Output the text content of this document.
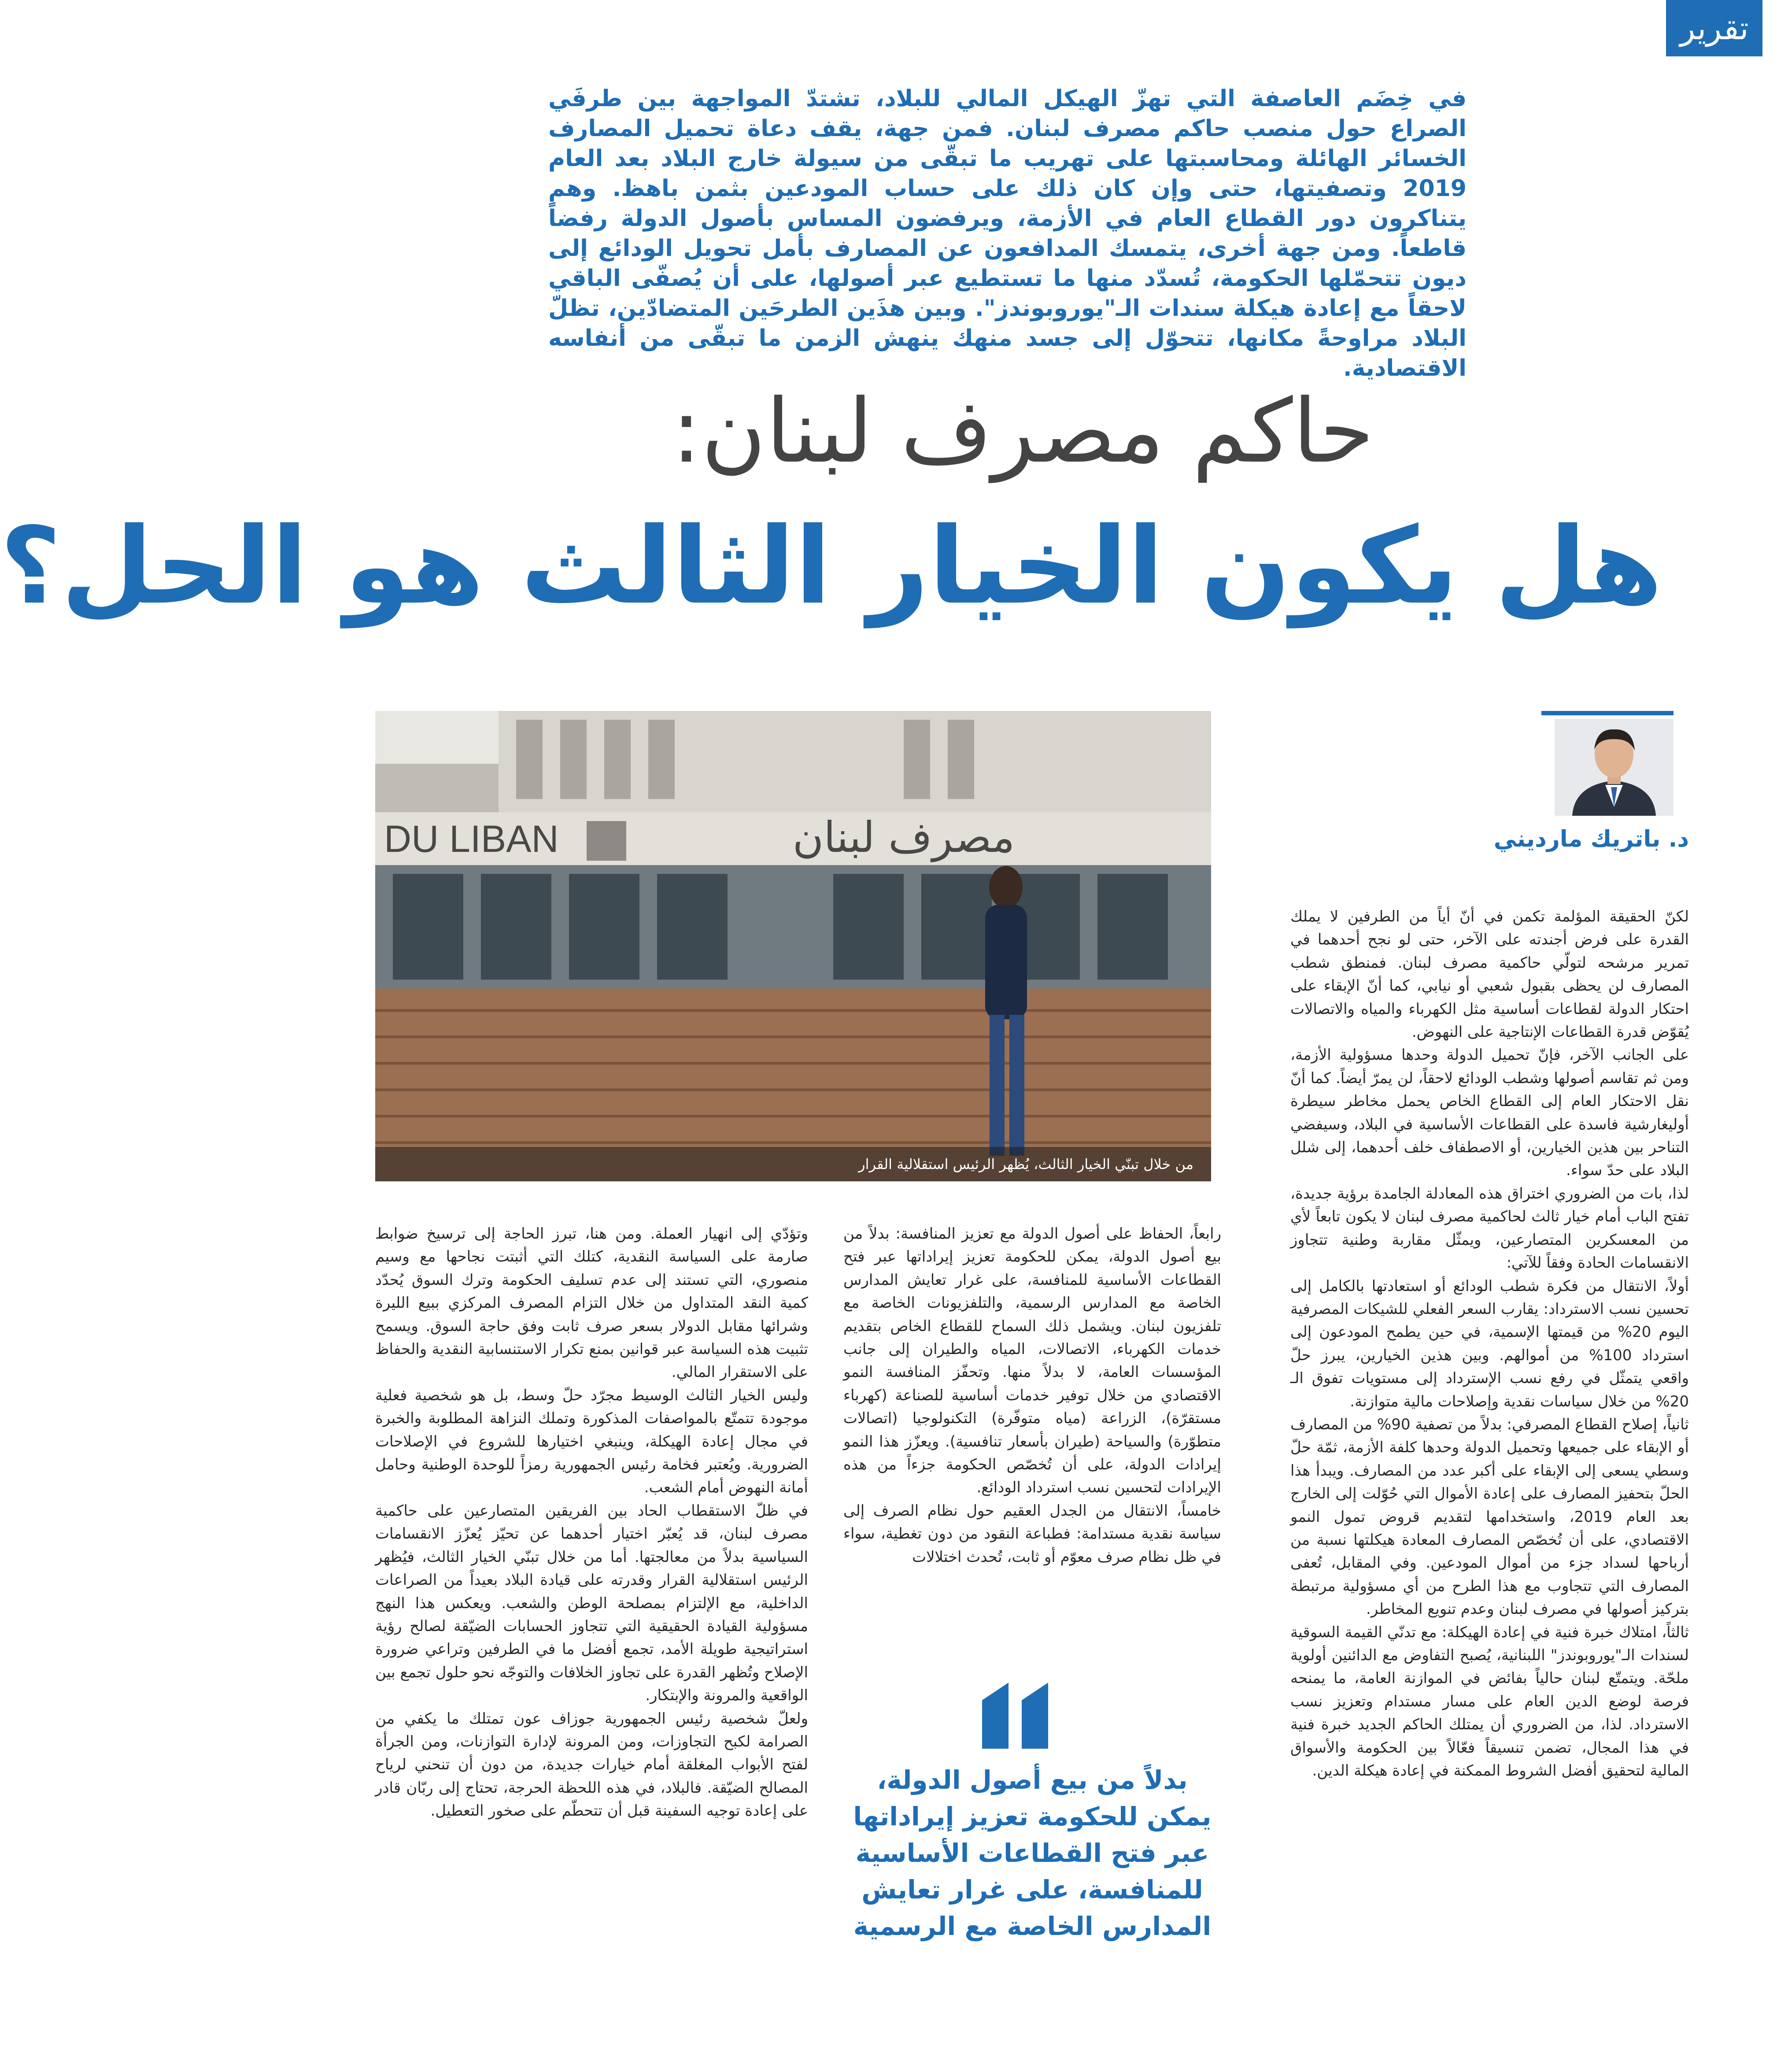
تقرير
في خِضَم العاصفة التي تهزّ الهيكل المالي للبلاد، تشتدّ المواجهة بين طرفَي الصراع حول منصب حاكم مصرف لبنان. فمن جهة، يقف دعاة تحميل المصارف الخسائر الهائلة ومحاسبتها على تهريب ما تبقّى من سيولة خارج البلاد بعد العام 2019 وتصفيتها، حتى وإن كان ذلك على حساب المودعين بثمن باهظ. وهم يتناكرون دور القطاع العام في الأزمة، ويرفضون المساس بأصول الدولة رفضاً قاطعاً. ومن جهة أخرى، يتمسك المدافعون عن المصارف بأمل تحويل الودائع إلى ديون تتحمّلها الحكومة، تُسدّد منها ما تستطيع عبر أصولها، على أن يُصفّى الباقي لاحقاً مع إعادة هيكلة سندات الـ"يوروبوندز". وبين هذَين الطرحَين المتضادّين، تظلّ البلاد مراوحةً مكانها، تتحوّل إلى جسد منهك ينهش الزمن ما تبقّى من أنفاسه الاقتصادية.
حاكم مصرف لبنان:
هل يكون الخيار الثالث هو الحل؟
DU LIBAN	مصرف لبنان
من خلال تبنّي الخيار الثالث، يُظهر الرئيس استقلالية القرار
د. باتريك مارديني

لكنّ الحقيقة المؤلمة تكمن في أنّ أياً من الطرفين لا يملك القدرة على فرض أجندته على الآخر، حتى لو نجح أحدهما في تمرير مرشحه لتولّي حاكمية مصرف لبنان. فمنطق شطب المصارف لن يحظى بقبول شعبي أو نيابي، كما أنّ الإبقاء على احتكار الدولة لقطاعات أساسية مثل الكهرباء والمياه والاتصالات يُقوّض قدرة القطاعات الإنتاجية على النهوض.

على الجانب الآخر، فإنّ تحميل الدولة وحدها مسؤولية الأزمة، ومن ثم تقاسم أصولها وشطب الودائع لاحقاً، لن يمرّ أيضاً. كما أنّ نقل الاحتكار العام إلى القطاع الخاص يحمل مخاطر سيطرة أوليغارشية فاسدة على القطاعات الأساسية في البلاد، وسيفضي التناحر بين هذين الخيارين، أو الاصطفاف خلف أحدهما، إلى شلل البلاد على حدّ سواء.

لذا، بات من الضروري اختراق هذه المعادلة الجامدة برؤية جديدة، تفتح الباب أمام خيار ثالث لحاكمية مصرف لبنان لا يكون تابعاً لأي من المعسكرين المتصارعين، ويمثّل مقاربة وطنية تتجاوز الانقسامات الحادة وفقاً للآتي:

أولاً، الانتقال من فكرة شطب الودائع أو استعادتها بالكامل إلى تحسين نسب الاسترداد: يقارب السعر الفعلي للشيكات المصرفية اليوم 20% من قيمتها الإسمية، في حين يطمح المودعون إلى استرداد 100% من أموالهم. وبين هذين الخيارين، يبرز حلّ واقعي يتمثّل في رفع نسب الإسترداد إلى مستويات تفوق الـ 20% من خلال سياسات نقدية وإصلاحات مالية متوازنة.

ثانياً، إصلاح القطاع المصرفي: بدلاً من تصفية 90% من المصارف أو الإبقاء على جميعها وتحميل الدولة وحدها كلفة الأزمة، ثمّة حلّ وسطي يسعى إلى الإبقاء على أكبر عدد من المصارف. ويبدأ هذا الحلّ بتحفيز المصارف على إعادة الأموال التي حُوّلت إلى الخارج بعد العام 2019، واستخدامها لتقديم قروض تمول النمو الاقتصادي، على أن تُخصّص المصارف المعادة هيكلتها نسبة من أرباحها لسداد جزء من أموال المودعين. وفي المقابل، تُعفى المصارف التي تتجاوب مع هذا الطرح من أي مسؤولية مرتبطة بتركيز أصولها في مصرف لبنان وعدم تنويع المخاطر.

ثالثاً، امتلاك خبرة فنية في إعادة الهيكلة: مع تدنّي القيمة السوقية لسندات الـ"يوروبوندز" اللبنانية، يُصبح التفاوض مع الدائنين أولوية ملحّة. ويتمتّع لبنان حالياً بفائض في الموازنة العامة، ما يمنحه فرصة لوضع الدين العام على مسار مستدام وتعزيز نسب الاسترداد. لذا، من الضروري أن يمتلك الحاكم الجديد خبرة فنية في هذا المجال، تضمن تنسيقاً فعّالاً بين الحكومة والأسواق المالية لتحقيق أفضل الشروط الممكنة في إعادة هيكلة الدين.

رابعاً، الحفاظ على أصول الدولة مع تعزيز المنافسة: بدلاً من بيع أصول الدولة، يمكن للحكومة تعزيز إيراداتها عبر فتح القطاعات الأساسية للمنافسة، على غرار تعايش المدارس الخاصة مع المدارس الرسمية، والتلفزيونات الخاصة مع تلفزيون لبنان. ويشمل ذلك السماح للقطاع الخاص بتقديم خدمات الكهرباء، الاتصالات، المياه والطيران إلى جانب المؤسسات العامة، لا بدلاً منها. وتحفّز المنافسة النمو الاقتصادي من خلال توفير خدمات أساسية للصناعة (كهرباء مستقرّة)، الزراعة (مياه متوفّرة) التكنولوجيا (اتصالات متطوّرة) والسياحة (طيران بأسعار تنافسية). ويعزّز هذا النمو إيرادات الدولة، على أن تُخصّص الحكومة جزءاً من هذه الإيرادات لتحسين نسب استرداد الودائع.

خامساً، الانتقال من الجدل العقيم حول نظام الصرف إلى سياسة نقدية مستدامة: فطباعة النقود من دون تغطية، سواء في ظل نظام صرف معوّم أو ثابت، تُحدث اختلالات

وتؤدّي إلى انهيار العملة. ومن هنا، تبرز الحاجة إلى ترسيخ ضوابط صارمة على السياسة النقدية، كتلك التي أثبتت نجاحها مع وسيم منصوري، التي تستند إلى عدم تسليف الحكومة وترك السوق يُحدّد كمية النقد المتداول من خلال التزام المصرف المركزي ببيع الليرة وشرائها مقابل الدولار بسعر صرف ثابت وفق حاجة السوق. ويسمح تثبيت هذه السياسة عبر قوانين بمنع تكرار الاستنسابية النقدية والحفاظ على الاستقرار المالي.

وليس الخيار الثالث الوسيط مجرّد حلّ وسط، بل هو شخصية فعلية موجودة تتمتّع بالمواصفات المذكورة وتملك النزاهة المطلوبة والخبرة في مجال إعادة الهيكلة، وينبغي اختيارها للشروع في الإصلاحات الضرورية. ويُعتبر فخامة رئيس الجمهورية رمزاً للوحدة الوطنية وحامل أمانة النهوض أمام الشعب.

في ظلّ الاستقطاب الحاد بين الفريقين المتصارعين على حاكمية مصرف لبنان، قد يُعبّر اختيار أحدهما عن تحيّز يُعزّز الانقسامات السياسية بدلاً من معالجتها. أما من خلال تبنّي الخيار الثالث، فيُظهر الرئيس استقلالية القرار وقدرته على قيادة البلاد بعيداً من الصراعات الداخلية، مع الإلتزام بمصلحة الوطن والشعب. ويعكس هذا النهج مسؤولية القيادة الحقيقية التي تتجاوز الحسابات الضيّقة لصالح رؤية استراتيجية طويلة الأمد، تجمع أفضل ما في الطرفين وتراعي ضرورة الإصلاح وتُظهر القدرة على تجاوز الخلافات والتوجّه نحو حلول تجمع بين الواقعية والمرونة والإبتكار.

ولعلّ شخصية رئيس الجمهورية جوزاف عون تمتلك ما يكفي من الصرامة لكبح التجاوزات، ومن المرونة لإدارة التوازنات، ومن الجرأة لفتح الأبواب المغلقة أمام خيارات جديدة، من دون أن تنحني لرياح المصالح الضيّقة. فالبلاد، في هذه اللحظة الحرجة، تحتاج إلى ربّان قادر على إعادة توجيه السفينة قبل أن تتحطّم على صخور التعطيل.

بدلاً من بيع أصول الدولة، يمكن للحكومة تعزيز إيراداتها عبر فتح القطاعات الأساسية للمنافسة، على غرار تعايش المدارس الخاصة مع الرسمية
